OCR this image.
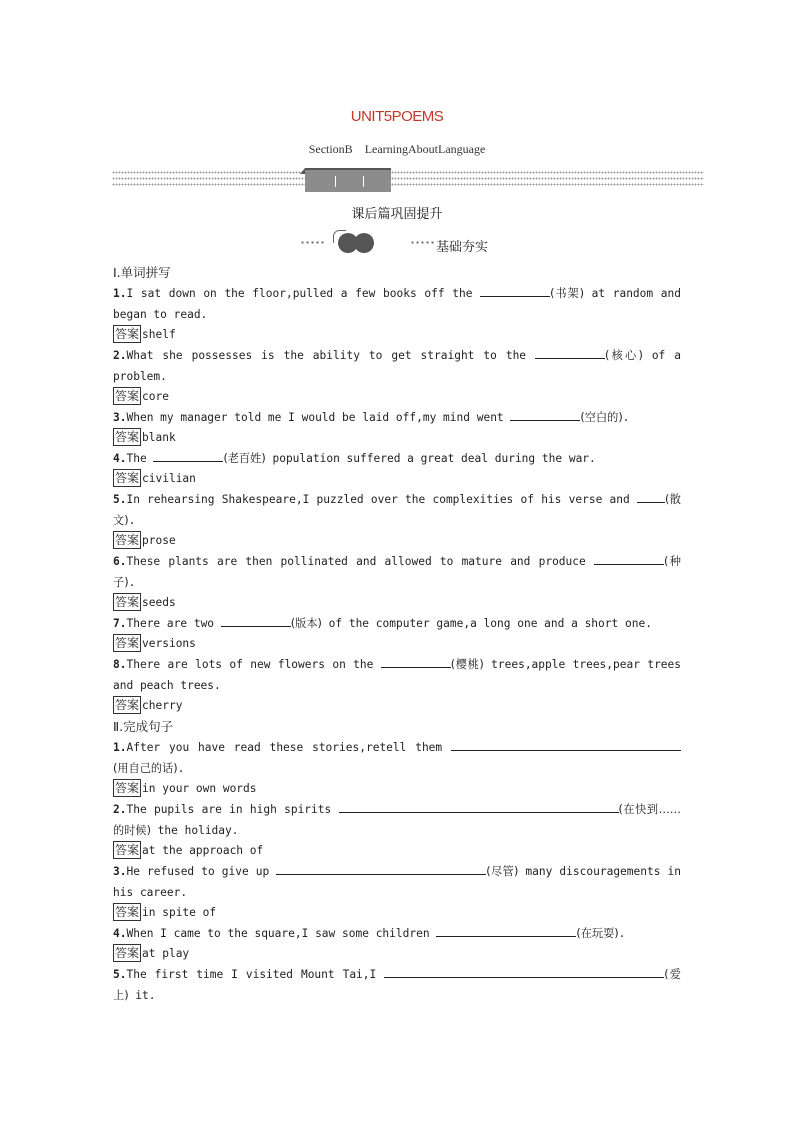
UNIT5POEMS
SectionB LearningAboutLanguage
课后篇巩固提升
基础夯实
Ⅰ.单词拼写
1.I sat down on the floor,pulled a few books off the	(书架) at random and began to read.
答案 shelf
2.What she possesses is the ability to get straight to the	(核心) of a problem.
答案 core
3.When my manager told me I would be laid off,my mind went	(空白的).
答案 blank
4.The	(老百姓) population suffered a great deal during the war.
答案 civilian
5.In rehearsing Shakespeare,I puzzled over the complexities of his verse and	(散文).
答案 prose
6.These plants are then pollinated and allowed to mature and produce	(种子).
答案 seeds
7.There are two	(版本) of the computer game,a long one and a short one.
答案 versions
8.There are lots of new flowers on the	(樱桃) trees,apple trees,pear trees and peach trees.
答案 cherry
Ⅱ.完成句子
1.After you have read these stories,retell them (用自己的话).
答案 in your own words
2.The pupils are in high spirits	(在快到……的时候) the holiday.
答案 at the approach of
3.He refused to give up	(尽管) many discouragements in his career.
答案 in spite of
4.When I came to the square,I saw some children	(在玩耍).
答案 at play
5.The first time I visited Mount Tai,I	(爱上) it.
